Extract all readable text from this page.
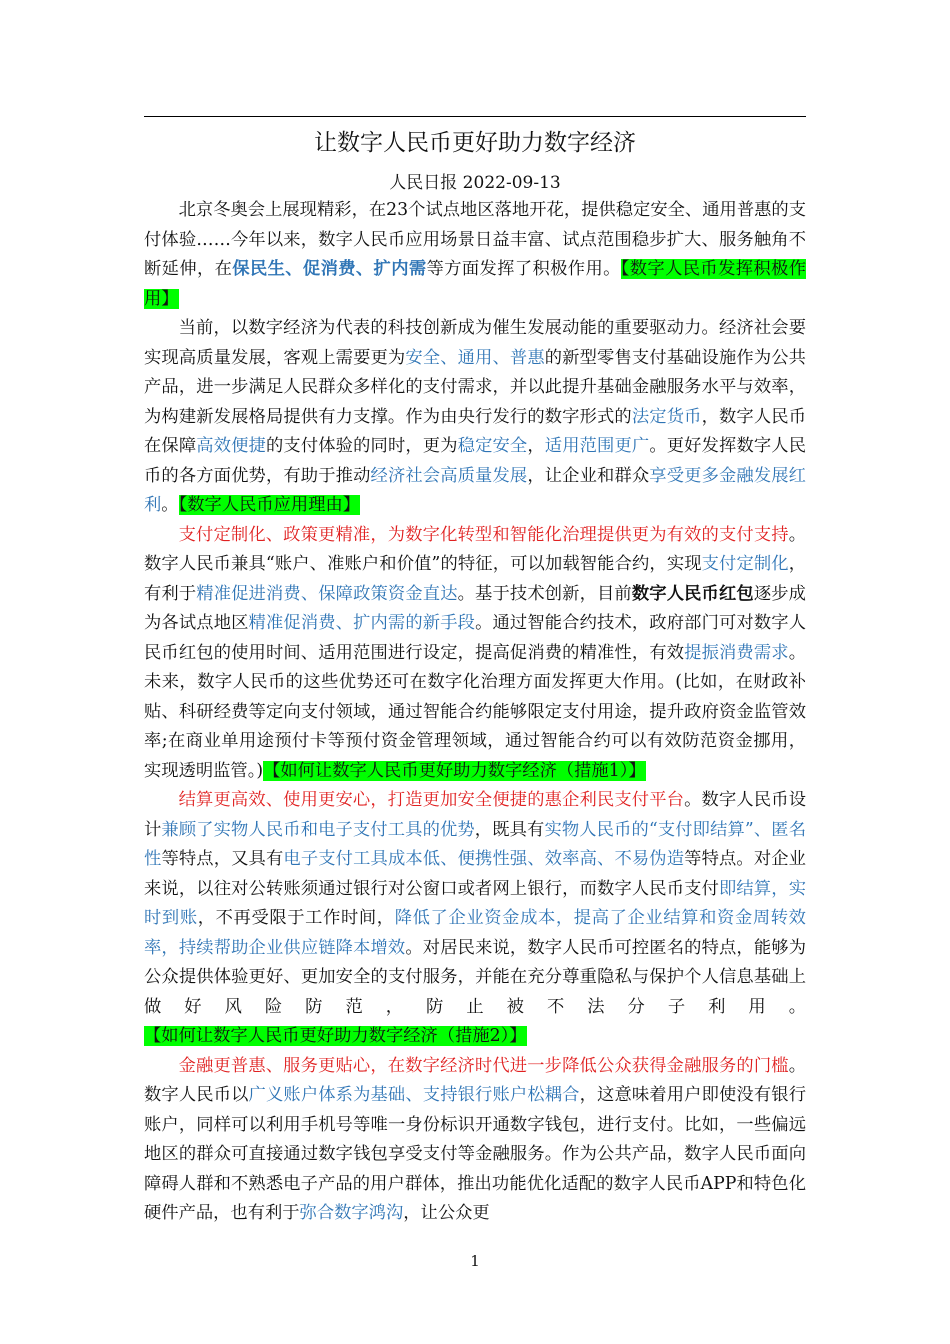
让数字人民币更好助力数字经济
人民日报 2022-09-13

北京冬奥会上展现精彩，在23个试点地区落地开花，提供稳定安全、通用普惠的支付体验……今年以来，数字人民币应用场景日益丰富、试点范围稳步扩大、服务触角不断延伸，在保民生、促消费、扩内需等方面发挥了积极作用。【数字人民币发挥积极作用】

当前，以数字经济为代表的科技创新成为催生发展动能的重要驱动力。经济社会要实现高质量发展，客观上需要更为安全、通用、普惠的新型零售支付基础设施作为公共产品，进一步满足人民群众多样化的支付需求，并以此提升基础金融服务水平与效率，为构建新发展格局提供有力支撑。作为由央行发行的数字形式的法定货币，数字人民币在保障高效便捷的支付体验的同时，更为稳定安全，适用范围更广。更好发挥数字人民币的各方面优势，有助于推动经济社会高质量发展，让企业和群众享受更多金融发展红利。【数字人民币应用理由】

支付定制化、政策更精准，为数字化转型和智能化治理提供更为有效的支付支持。数字人民币兼具“账户、准账户和价值”的特征，可以加载智能合约，实现支付定制化，有利于精准促进消费、保障政策资金直达。基于技术创新，目前数字人民币红包逐步成为各试点地区精准促消费、扩内需的新手段。通过智能合约技术，政府部门可对数字人民币红包的使用时间、适用范围进行设定，提高促消费的精准性，有效提振消费需求。未来，数字人民币的这些优势还可在数字化治理方面发挥更大作用。(比如，在财政补贴、科研经费等定向支付领域，通过智能合约能够限定支付用途，提升政府资金监管效率;在商业单用途预付卡等预付资金管理领域，通过智能合约可以有效防范资金挪用，实现透明监管。)【如何让数字人民币更好助力数字经济（措施1）】

结算更高效、使用更安心，打造更加安全便捷的惠企利民支付平台。数字人民币设计兼顾了实物人民币和电子支付工具的优势，既具有实物人民币的“支付即结算”、匿名性等特点，又具有电子支付工具成本低、便携性强、效率高、不易伪造等特点。对企业来说，以往对公转账须通过银行对公窗口或者网上银行，而数字人民币支付即结算，实时到账，不再受限于工作时间，降低了企业资金成本，提高了企业结算和资金周转效率，持续帮助企业供应链降本增效。对居民来说，数字人民币可控匿名的特点，能够为公众提供体验更好、更加安全的支付服务，并能在充分尊重隐私与保护个人信息基础上做好风险防范，防止被不法分子利用。【如何让数字人民币更好助力数字经济（措施2）】

金融更普惠、服务更贴心，在数字经济时代进一步降低公众获得金融服务的门槛。数字人民币以广义账户体系为基础、支持银行账户松耦合，这意味着用户即使没有银行账户，同样可以利用手机号等唯一身份标识开通数字钱包，进行支付。比如，一些偏远地区的群众可直接通过数字钱包享受支付等金融服务。作为公共产品，数字人民币面向障碍人群和不熟悉电子产品的用户群体，推出功能优化适配的数字人民币APP和特色化硬件产品，也有利于弥合数字鸿沟，让公众更

1
